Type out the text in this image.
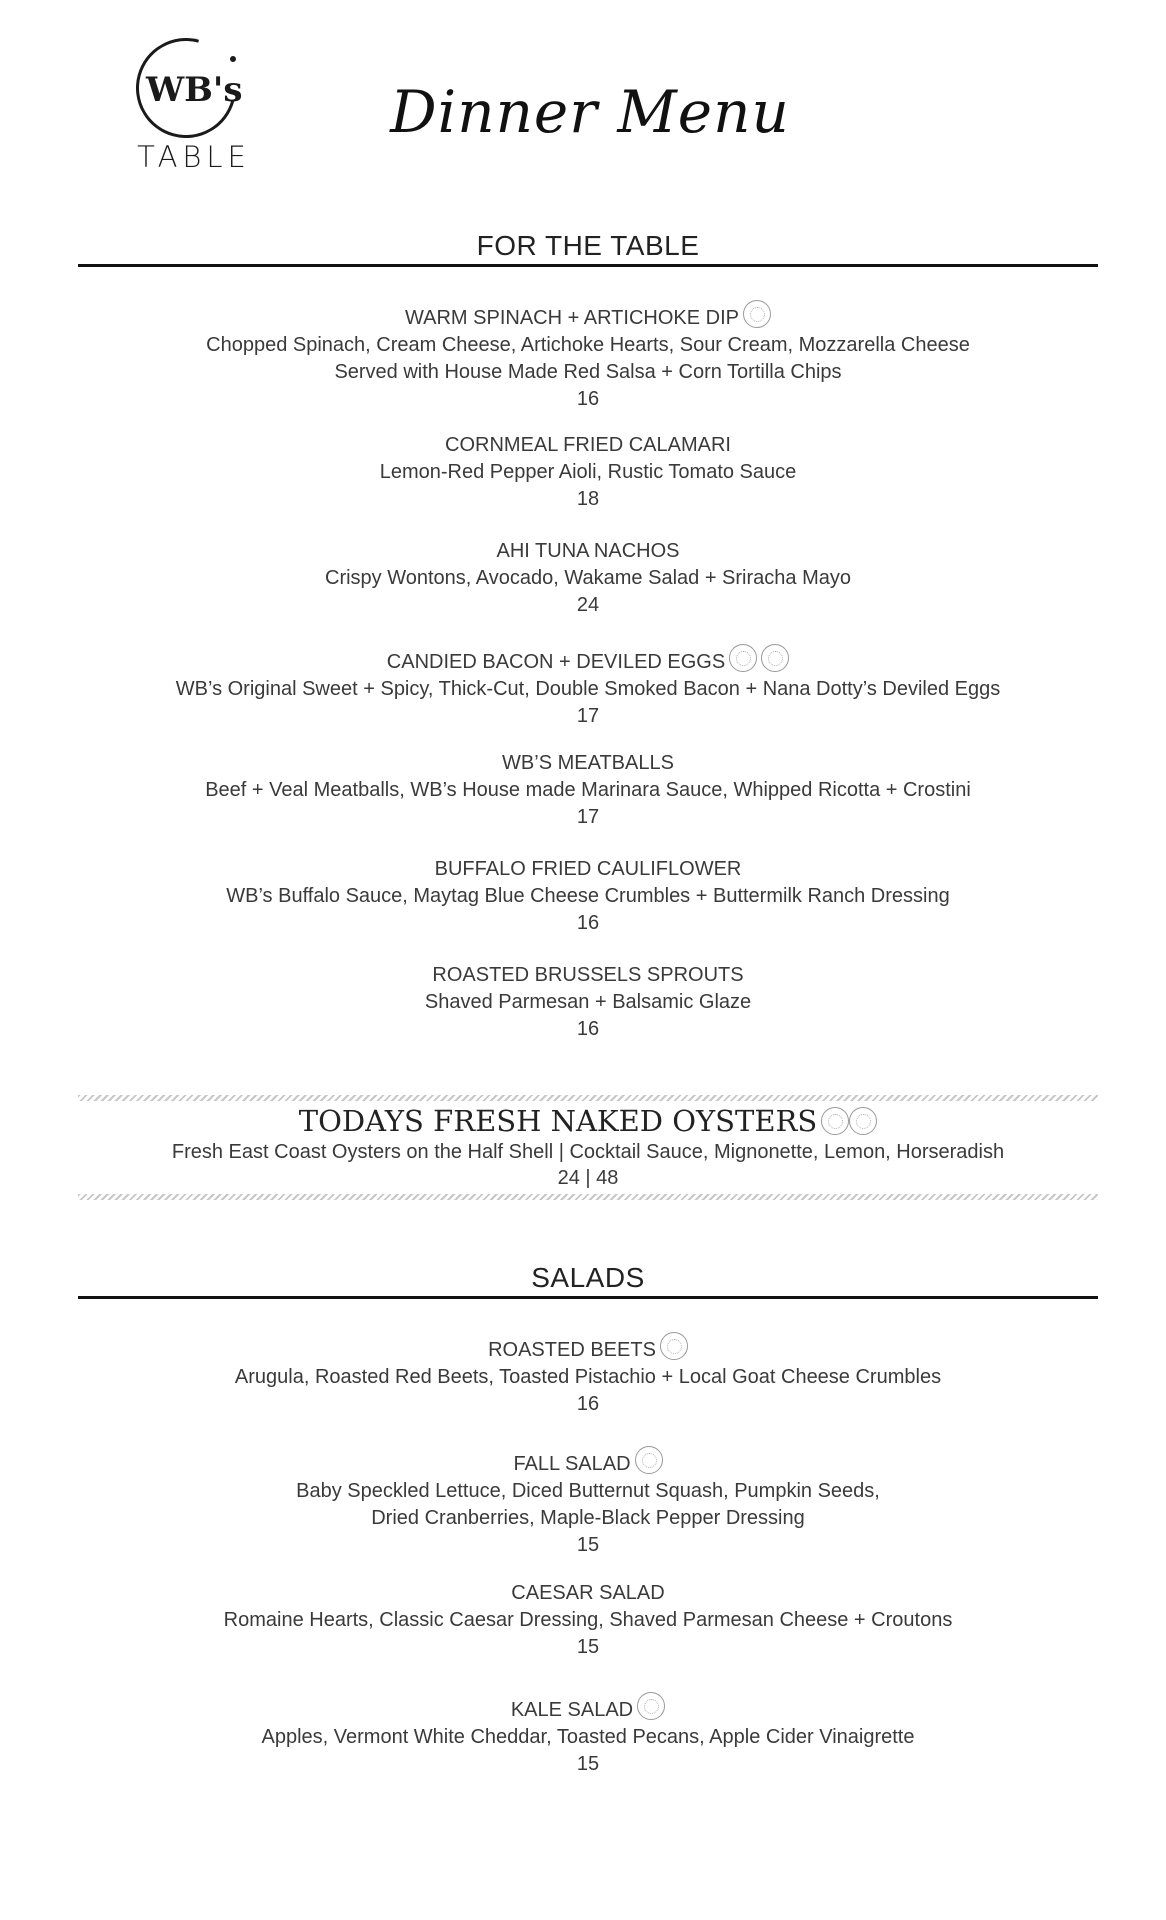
WB's
TABLE
Dinner Menu
FOR THE TABLE
WARM SPINACH + ARTICHOKE DIP
Chopped Spinach, Cream Cheese, Artichoke Hearts, Sour Cream, Mozzarella Cheese
Served with House Made Red Salsa + Corn Tortilla Chips
16
CORNMEAL FRIED CALAMARI
Lemon-Red Pepper Aioli, Rustic Tomato Sauce
18
AHI TUNA NACHOS
Crispy Wontons, Avocado, Wakame Salad + Sriracha Mayo
24
CANDIED BACON + DEVILED EGGS
WB’s Original Sweet + Spicy, Thick-Cut, Double Smoked Bacon + Nana Dotty’s Deviled Eggs
17
WB’S MEATBALLS
Beef + Veal Meatballs, WB’s House made Marinara Sauce, Whipped Ricotta + Crostini
17
BUFFALO FRIED CAULIFLOWER
WB’s Buffalo Sauce, Maytag Blue Cheese Crumbles + Buttermilk Ranch Dressing
16
ROASTED BRUSSELS SPROUTS
Shaved Parmesan + Balsamic Glaze
16
TODAYS FRESH NAKED OYSTERS
Fresh East Coast Oysters on the Half Shell | Cocktail Sauce, Mignonette, Lemon, Horseradish
24 | 48
SALADS
ROASTED BEETS
Arugula, Roasted Red Beets, Toasted Pistachio + Local Goat Cheese Crumbles
16
FALL SALAD
Baby Speckled Lettuce, Diced Butternut Squash, Pumpkin Seeds,
Dried Cranberries, Maple-Black Pepper Dressing
15
CAESAR SALAD
Romaine Hearts, Classic Caesar Dressing, Shaved Parmesan Cheese + Croutons
15
KALE SALAD
Apples, Vermont White Cheddar, Toasted Pecans, Apple Cider Vinaigrette
15
